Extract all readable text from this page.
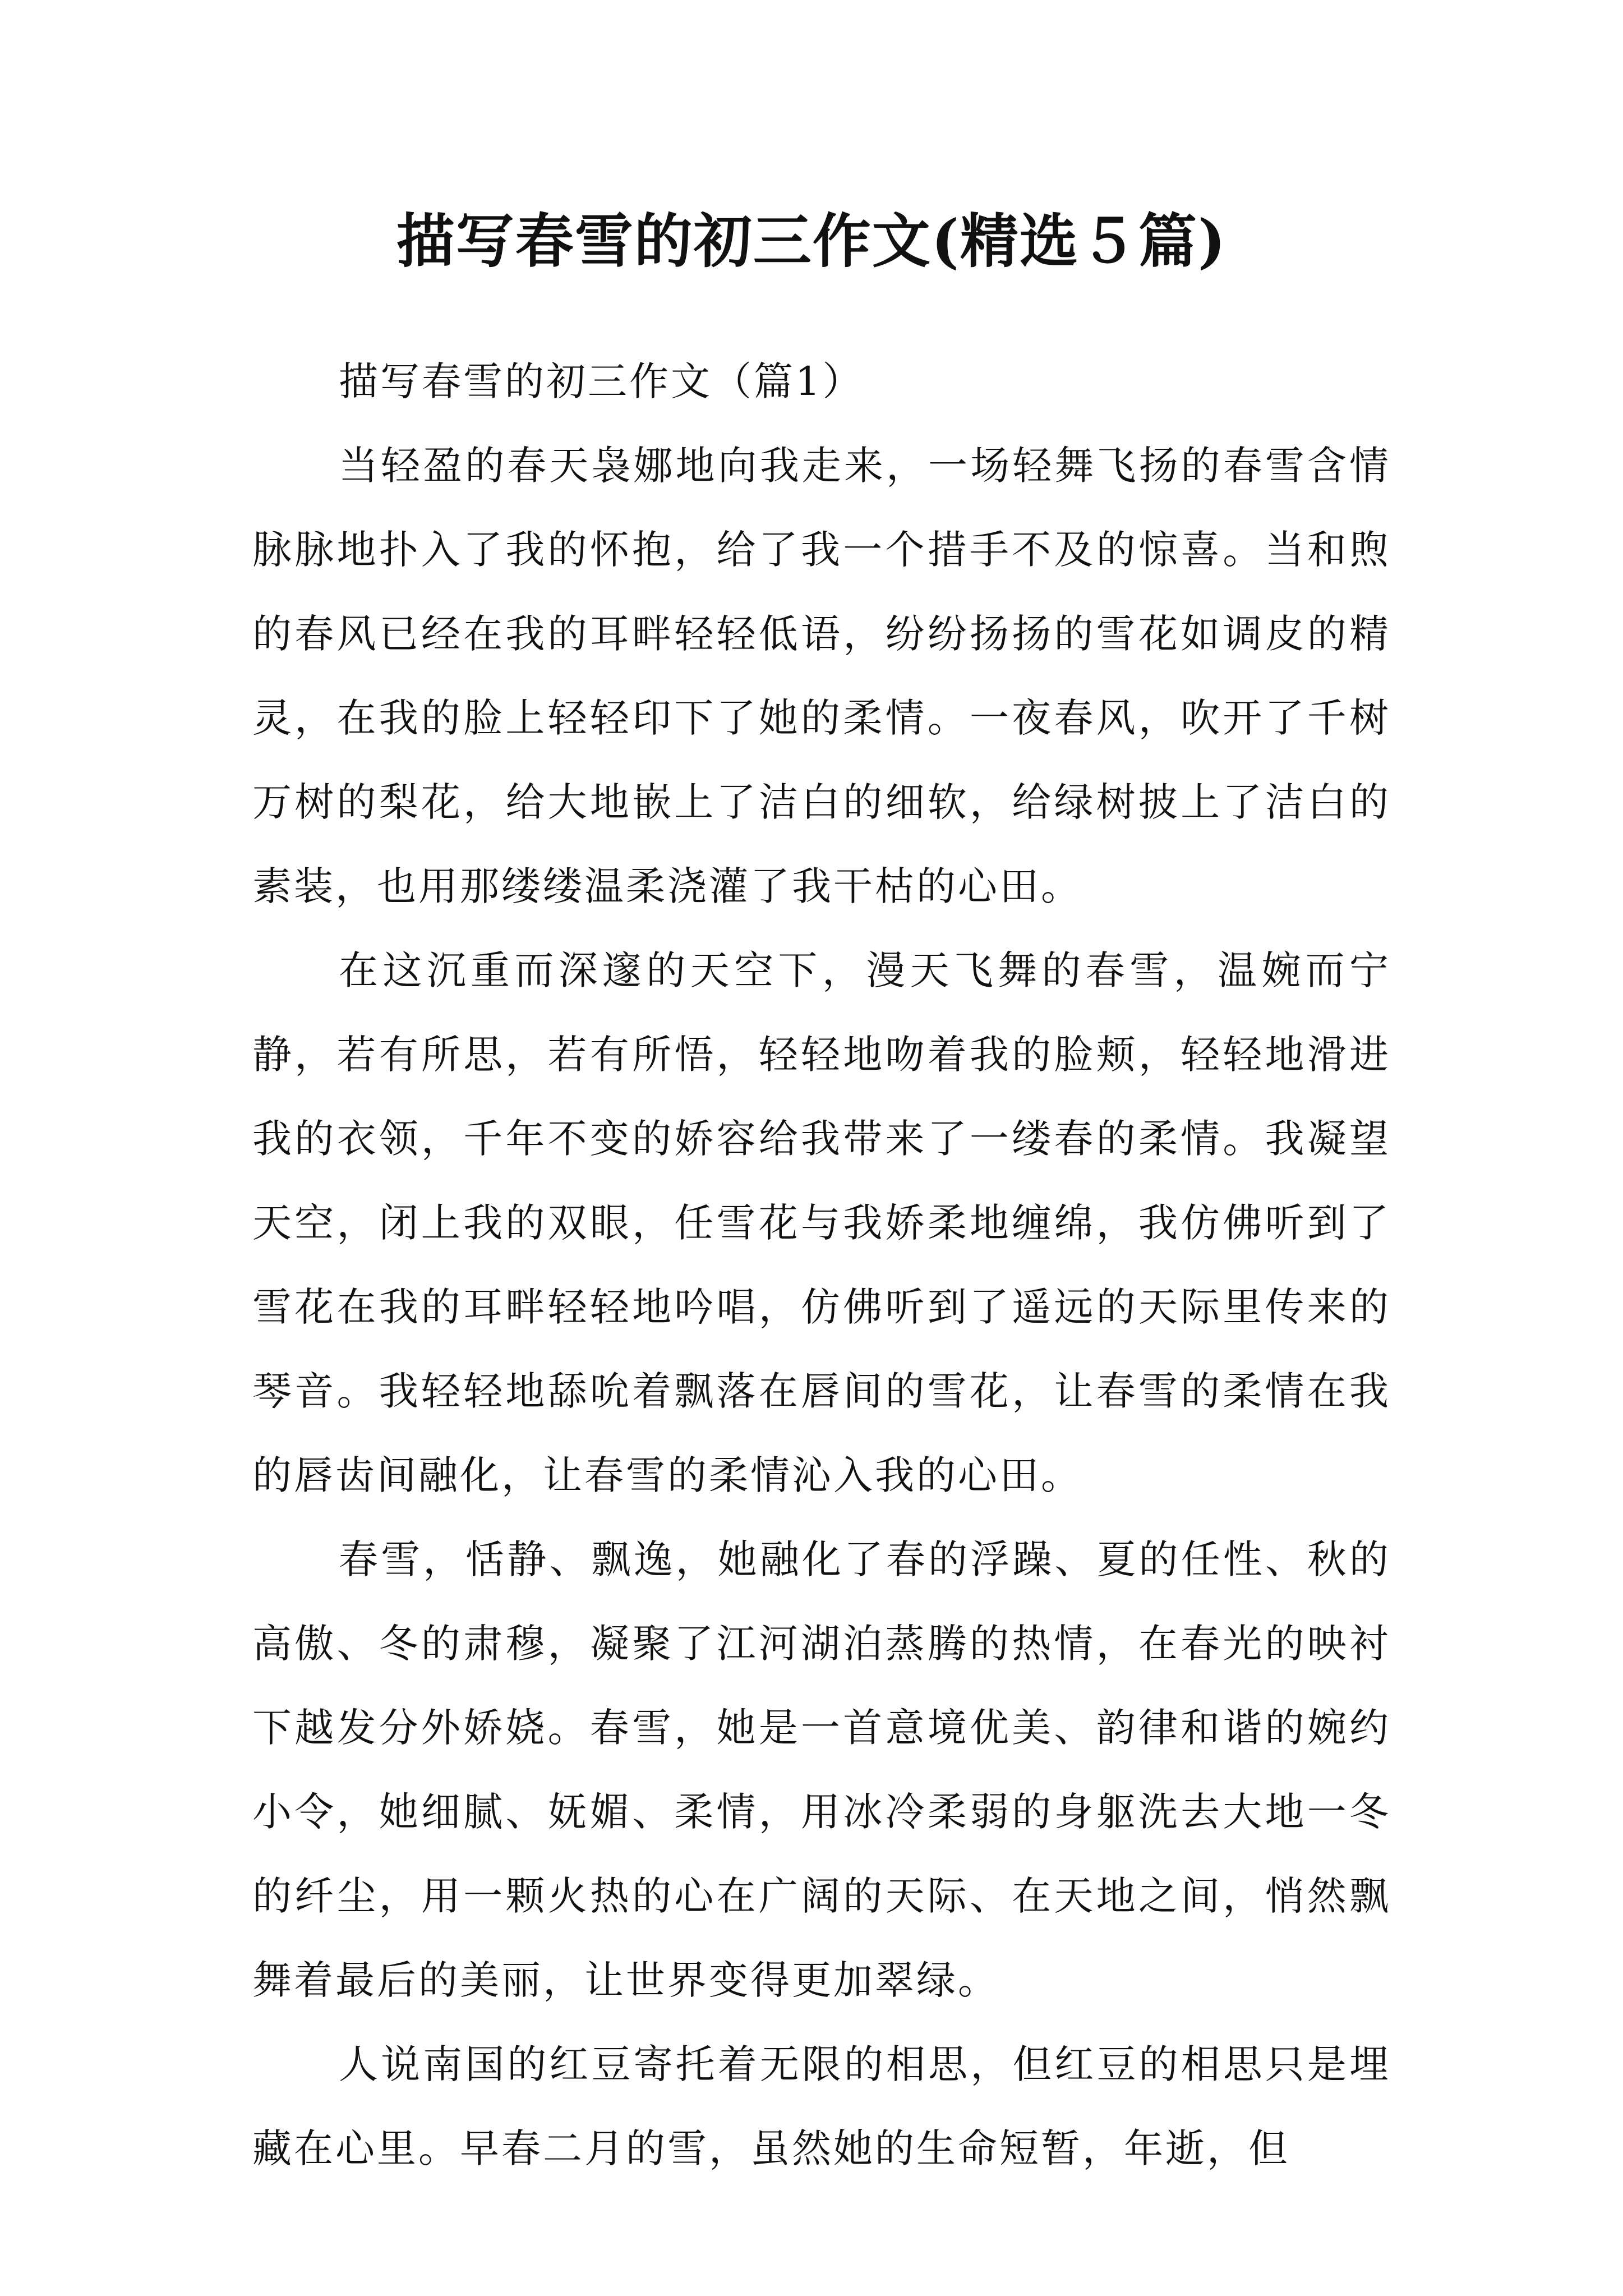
描写春雪的初三作文(精选５篇)

描写春雪的初三作文（篇1）

当轻盈的春天袅娜地向我走来，一场轻舞飞扬的春雪含情脉脉地扑入了我的怀抱，给了我一个措手不及的惊喜。当和煦的春风已经在我的耳畔轻轻低语，纷纷扬扬的雪花如调皮的精灵，在我的脸上轻轻印下了她的柔情。一夜春风，吹开了千树万树的梨花，给大地嵌上了洁白的细软，给绿树披上了洁白的素装，也用那缕缕温柔浇灌了我干枯的心田。

在这沉重而深邃的天空下，漫天飞舞的春雪，温婉而宁静，若有所思，若有所悟，轻轻地吻着我的脸颊，轻轻地滑进我的衣领，千年不变的娇容给我带来了一缕春的柔情。我凝望天空，闭上我的双眼，任雪花与我娇柔地缠绵，我仿佛听到了雪花在我的耳畔轻轻地吟唱，仿佛听到了遥远的天际里传来的琴音。我轻轻地舔吮着飘落在唇间的雪花，让春雪的柔情在我的唇齿间融化，让春雪的柔情沁入我的心田。

春雪，恬静、飘逸，她融化了春的浮躁、夏的任性、秋的高傲、冬的肃穆，凝聚了江河湖泊蒸腾的热情，在春光的映衬下越发分外娇娆。春雪，她是一首意境优美、韵律和谐的婉约小令，她细腻、妩媚、柔情，用冰冷柔弱的身躯洗去大地一冬的纤尘，用一颗火热的心在广阔的天际、在天地之间，悄然飘舞着最后的美丽，让世界变得更加翠绿。

人说南国的红豆寄托着无限的相思，但红豆的相思只是埋藏在心里。早春二月的雪，虽然她的生命短暂，年逝，但
